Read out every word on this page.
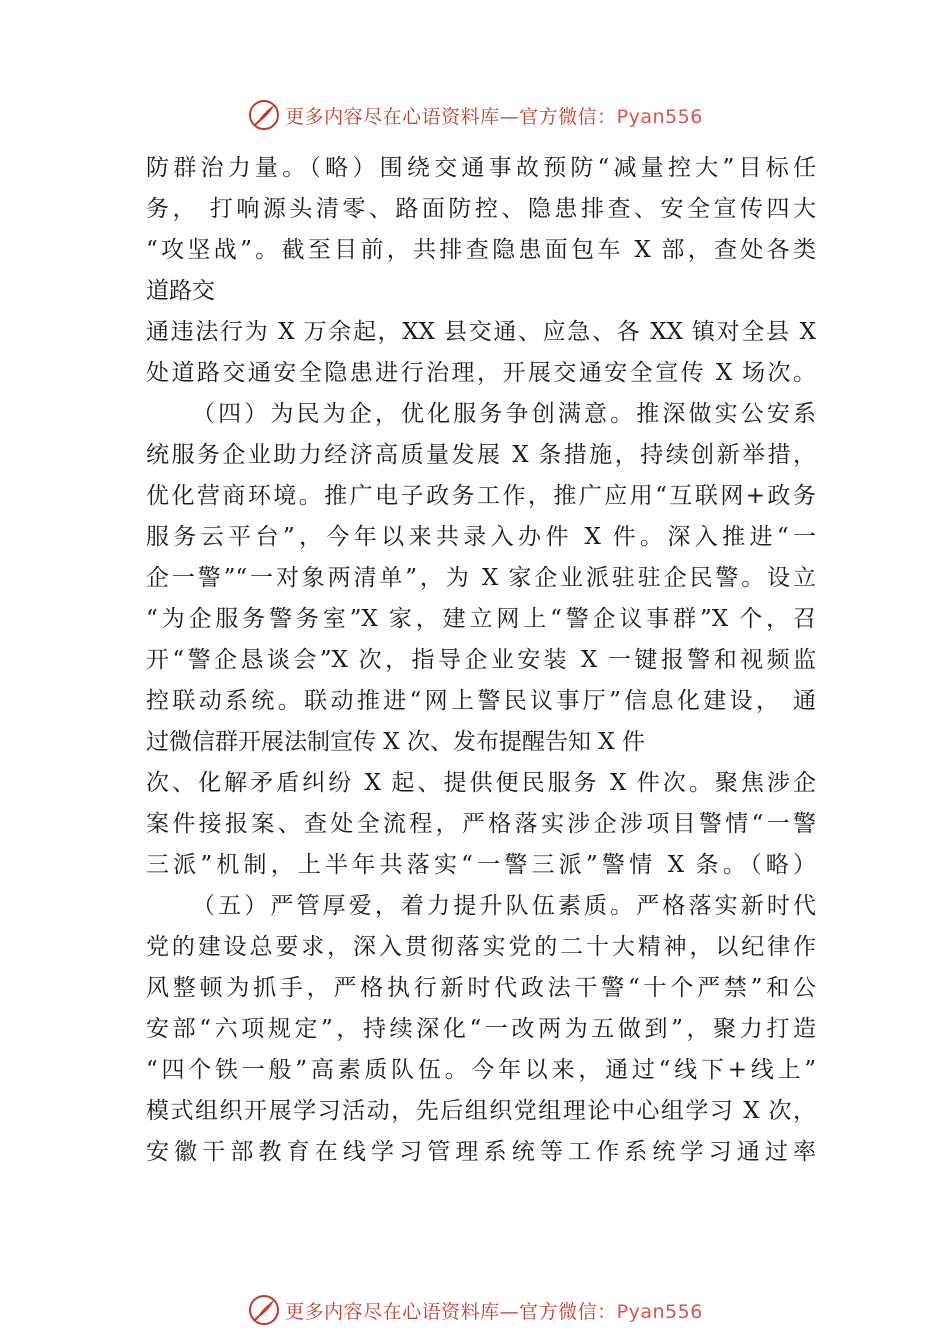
更多内容尽在心语资料库—官方微信：Pyan556
防群治力量。（略）围绕交通事故预防“减量控大”目标任
务， 打响源头清零、路面防控、隐患排查、安全宣传四大
“攻坚战”。截至目前，共排查隐患面包车 X 部，查处各类
道路交
通违法行为 X 万余起，XX 县交通、应急、各 XX 镇对全县 X
处道路交通安全隐患进行治理，开展交通安全宣传 X 场次。
（四）为民为企，优化服务争创满意。推深做实公安系
统服务企业助力经济高质量发展 X 条措施，持续创新举措，
优化营商环境。推广电子政务工作，推广应用“互联网+政务
服务云平台”，今年以来共录入办件 X 件。深入推进“一
企一警”“一对象两清单”，为 X 家企业派驻驻企民警。设立
“为企服务警务室”X 家，建立网上“警企议事群”X 个，召
开“警企恳谈会”X 次，指导企业安装 X 一键报警和视频监
控联动系统。联动推进“网上警民议事厅”信息化建设， 通
过微信群开展法制宣传 X 次、发布提醒告知 X 件
次、化解矛盾纠纷 X 起、提供便民服务 X 件次。聚焦涉企
案件接报案、查处全流程，严格落实涉企涉项目警情“一警
三派”机制，上半年共落实“一警三派”警情 X 条。（略）
（五）严管厚爱，着力提升队伍素质。严格落实新时代
党的建设总要求，深入贯彻落实党的二十大精神，以纪律作
风整顿为抓手，严格执行新时代政法干警“十个严禁”和公
安部“六项规定”，持续深化“一改两为五做到”，聚力打造
“四个铁一般”高素质队伍。今年以来，通过“线下+线上”
模式组织开展学习活动，先后组织党组理论中心组学习 X 次，
安徽干部教育在线学习管理系统等工作系统学习通过率
更多内容尽在心语资料库—官方微信：Pyan556
